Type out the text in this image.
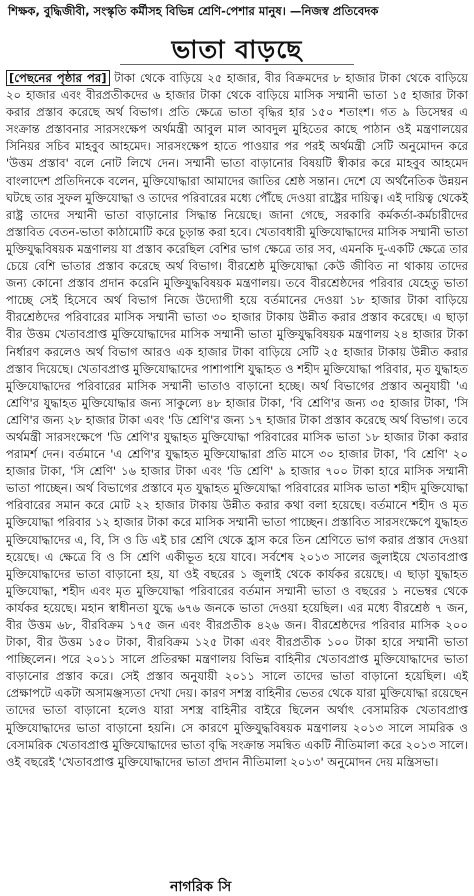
শিক্ষক, বুদ্ধিজীবী, সংস্কৃতি কর্মীসহ বিভিন্ন শ্রেণি-পেশার মানুষ। —নিজস্ব প্রতিবেদক
ভাতা বাড়ছে

[পেছনের পৃষ্ঠার পর] টাকা থেকে বাড়িয়ে ২৫ হাজার, বীর বিক্রমদের ৮ হাজার টাকা থেকে বাড়িয়ে ২০ হাজার এবং বীরপ্রতীকদের ৬ হাজার টাকা থেকে বাড়িয়ে মাসিক সম্মানী ভাতা ১৫ হাজার টাকা করার প্রস্তাব করেছে অর্থ বিভাগ। প্রতি ক্ষেত্রে ভাতা বৃদ্ধির হার ১৫০ শতাংশ। গত ৯ ডিসেম্বর এ সংক্রান্ত প্রস্তাবনার সারসংক্ষেপ অর্থমন্ত্রী আবুল মাল আবদুল মুহিতের কাছে পাঠান ওই মন্ত্রণালয়ের সিনিয়র সচিব মাহবুব আহমেদ। সারসংক্ষেপ হাতে পাওয়ার পর পরই অর্থমন্ত্রী সেটি অনুমোদন করে 'উত্তম প্রস্তাব' বলে নোট লিখে দেন। সম্মানী ভাতা বাড়ানোর বিষয়টি স্বীকার করে মাহবুব আহমেদ বাংলাদেশ প্রতিদিনকে বলেন, মুক্তিযোদ্ধারা আমাদের জাতির শ্রেষ্ঠ সন্তান। দেশে যে অর্থনৈতিক উন্নয়ন ঘটছে তার সুফল মুক্তিযোদ্ধা ও তাদের পরিবারের মধ্যে পৌঁছে দেওয়া রাষ্ট্রের দায়িত্ব। এই দায়িত্ব থেকেই রাষ্ট্র তাদের সম্মানী ভাতা বাড়ানোর সিদ্ধান্ত নিয়েছে। জানা গেছে, সরকারি কর্মকর্তা-কর্মচারীদের প্রস্তাবিত বেতন-ভাতা কাঠামোটি করে চূড়ান্ত করা হবে। খেতাবধারী মুক্তিযোদ্ধাদের মাসিক সম্মানী ভাতা মুক্তিযুদ্ধবিষয়ক মন্ত্রণালয় যা প্রস্তাব করেছিল বেশির ভাগ ক্ষেত্রে তার সব, এমনকি দু-একটি ক্ষেত্রে তার চেয়ে বেশি ভাতার প্রস্তাব করেছে অর্থ বিভাগ। বীরশ্রেষ্ঠ মুক্তিযোদ্ধা কেউ জীবিত না থাকায় তাদের জন্য কোনো প্রস্তাব প্রদান করেনি মুক্তিযুদ্ধবিষয়ক মন্ত্রণালয়। তবে বীরশ্রেষ্ঠদের পরিবার যেহেতু ভাতা পাচ্ছে সেই হিসেবে অর্থ বিভাগ নিজে উদ্যোগী হয়ে বর্তমানের দেওয়া ১৮ হাজার টাকা বাড়িয়ে বীরশ্রেষ্ঠদের পরিবারের মাসিক সম্মানী ভাতা ৩০ হাজার টাকায় উন্নীত করার প্রস্তাব করেছে। এ ছাড়া বীর উত্তম খেতাবপ্রাপ্ত মুক্তিযোদ্ধাদের মাসিক সম্মানী ভাতা মুক্তিযুদ্ধবিষয়ক মন্ত্রণালয় ২৪ হাজার টাকা নির্ধারণ করলেও অর্থ বিভাগ আরও এক হাজার টাকা বাড়িয়ে সেটি ২৫ হাজার টাকায় উন্নীত করার প্রস্তাব দিয়েছে। খেতাবপ্রাপ্ত মুক্তিযোদ্ধাদের পাশাপাশি যুদ্ধাহত ও শহীদ মুক্তিযোদ্ধা পরিবার, মৃত যুদ্ধাহত মুক্তিযোদ্ধাদের পরিবারের মাসিক সম্মানী ভাতাও বাড়ানো হচ্ছে। অর্থ বিভাগের প্রস্তাব অনুযায়ী 'এ শ্রেণি'র যুদ্ধাহত মুক্তিযোদ্ধার জন্য সাকুল্যে ৪৮ হাজার টাকা, 'বি শ্রেণি'র জন্য ৩৫ হাজার টাকা, 'সি শ্রেণি'র জন্য ২৮ হাজার টাকা এবং 'ডি শ্রেণি'র জন্য ১৭ হাজার টাকা প্রস্তাব করেছে অর্থ বিভাগ। তবে অর্থমন্ত্রী সারসংক্ষেপে 'ডি শ্রেণি'র যুদ্ধাহত মুক্তিযোদ্ধা পরিবারের মাসিক ভাতা ১৮ হাজার টাকা করার পরামর্শ দেন। বর্তমানে 'এ শ্রেণি'র যুদ্ধাহত মুক্তিযোদ্ধারা প্রতি মাসে ৩০ হাজার টাকা, 'বি শ্রেণি' ২০ হাজার টাকা, 'সি শ্রেণি' ১৬ হাজার টাকা এবং 'ডি শ্রেণি' ৯ হাজার ৭০০ টাকা হারে মাসিক সম্মানী ভাতা পাচ্ছেন। অর্থ বিভাগের প্রস্তাবে মৃত যুদ্ধাহত মুক্তিযোদ্ধা পরিবারের মাসিক ভাতা শহীদ মুক্তিযোদ্ধা পরিবারের সমান করে মোট ২২ হাজার টাকায় উন্নীত করার কথা বলা হয়েছে। বর্তমানে শহীদ ও মৃত মুক্তিযোদ্ধা পরিবার ১২ হাজার টাকা করে মাসিক সম্মানী ভাতা পাচ্ছেন। প্রস্তাবিত সারসংক্ষেপে যুদ্ধাহত মুক্তিযোদ্ধাদের এ, বি, সি ও ডি এই চার শ্রেণি থেকে হ্রাস করে তিন শ্রেণিতে ভাগ করার প্রস্তাব দেওয়া হয়েছে। এ ক্ষেত্রে বি ও সি শ্রেণি একীভূত হয়ে যাবে। সর্বশেষ ২০১৩ সালের জুলাইয়ে খেতাবপ্রাপ্ত মুক্তিযোদ্ধাদের ভাতা বাড়ানো হয়, যা ওই বছরের ১ জুলাই থেকে কার্যকর রয়েছে। এ ছাড়া যুদ্ধাহত মুক্তিযোদ্ধা, শহীদ এবং মৃত মুক্তিযোদ্ধা পরিবারের বর্তমান সম্মানী ভাতা ও বছরের ১ নভেম্বর থেকে কার্যকর হয়েছে। মহান স্বাধীনতা যুদ্ধে ৬৭৬ জনকে ভাতা দেওয়া হয়েছিল। এর মধ্যে বীরশ্রেষ্ঠ ৭ জন, বীর উত্তম ৬৮, বীরবিক্রম ১৭৫ জন এবং বীরপ্রতীক ৪২৬ জন। বীরশ্রেষ্ঠদের পরিবার মাসিক ২০০ টাকা, বীর উত্তম ১৫০ টাকা, বীরবিক্রম ১২৫ টাকা এবং বীরপ্রতীক ১০০ টাকা হারে সম্মানী ভাতা পাচ্ছিলেন। পরে ২০১১ সালে প্রতিরক্ষা মন্ত্রণালয় বিভিন্ন বাহিনীর খেতাবপ্রাপ্ত মুক্তিযোদ্ধাদের ভাতা বাড়ানোর প্রস্তাব করে। সেই প্রস্তাব অনুযায়ী ২০১১ সালে তাদের ভাতা বাড়ানো হয়েছিল। এই প্রেক্ষাপটে একটা অসামঞ্জস্যতা দেখা দেয়। কারণ সশস্ত্র বাহিনীর ভেতর থেকে যারা মুক্তিযোদ্ধা রয়েছেন তাদের ভাতা বাড়ানো হলেও যারা সশস্ত্র বাহিনীর বাইরে ছিলেন অর্থাৎ বেসামরিক খেতাবপ্রাপ্ত মুক্তিযোদ্ধাদের ভাতা বাড়ানো হয়নি। সে কারণে মুক্তিযুদ্ধবিষয়ক মন্ত্রণালয় ২০১৩ সালে সামরিক ও বেসামরিক খেতাবপ্রাপ্ত মুক্তিযোদ্ধাদের ভাতা বৃদ্ধি সংক্রান্ত সমন্বিত একটি নীতিমালা করে ২০১৩ সালে। ওই বছরেই 'খেতাবপ্রাপ্ত মুক্তিযোদ্ধাদের ভাতা প্রদান নীতিমালা ২০১৩' অনুমোদন দেয় মন্ত্রিসভা।

নাগরিক সি
